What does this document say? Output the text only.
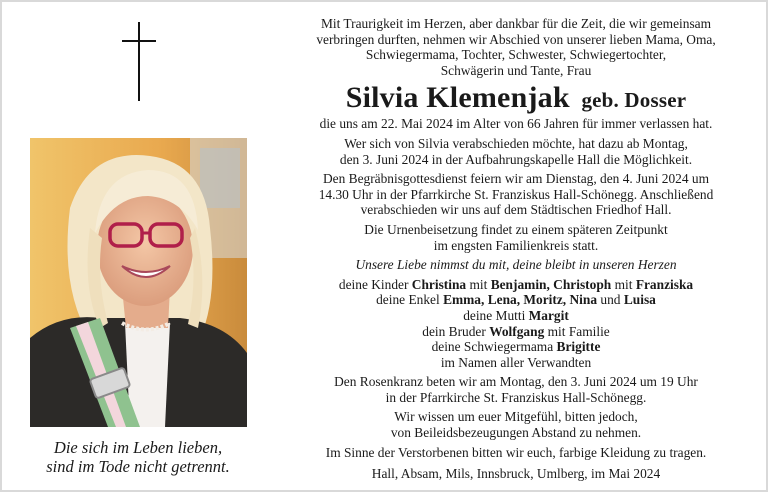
Die sich im Leben lieben,
sind im Tode nicht getrennt.

Mit Traurigkeit im Herzen, aber dankbar für die Zeit, die wir gemeinsam
verbringen durften, nehmen wir Abschied von unserer lieben Mama, Oma,
Schwiegermama, Tochter, Schwester, Schwiegertochter,
Schwägerin und Tante, Frau

Silvia Klemenjak geb. Dosser

die uns am 22. Mai 2024 im Alter von 66 Jahren für immer verlassen hat.

Wer sich von Silvia verabschieden möchte, hat dazu ab Montag,
den 3. Juni 2024 in der Aufbahrungskapelle Hall die Möglichkeit.

Den Begräbnisgottesdienst feiern wir am Dienstag, den 4. Juni 2024 um
14.30 Uhr in der Pfarrkirche St. Franziskus Hall-Schönegg. Anschließend
verabschieden wir uns auf dem Städtischen Friedhof Hall.

Die Urnenbeisetzung findet zu einem späteren Zeitpunkt
im engsten Familienkreis statt.

Unsere Liebe nimmst du mit, deine bleibt in unseren Herzen

deine Kinder Christina mit Benjamin, Christoph mit Franziska
deine Enkel Emma, Lena, Moritz, Nina und Luisa
deine Mutti Margit
dein Bruder Wolfgang mit Familie
deine Schwiegermama Brigitte
im Namen aller Verwandten

Den Rosenkranz beten wir am Montag, den 3. Juni 2024 um 19 Uhr
in der Pfarrkirche St. Franziskus Hall-Schönegg.

Wir wissen um euer Mitgefühl, bitten jedoch,
von Beileidsbezeugungen Abstand zu nehmen.

Im Sinne der Verstorbenen bitten wir euch, farbige Kleidung zu tragen.

Hall, Absam, Mils, Innsbruck, Umlberg, im Mai 2024
